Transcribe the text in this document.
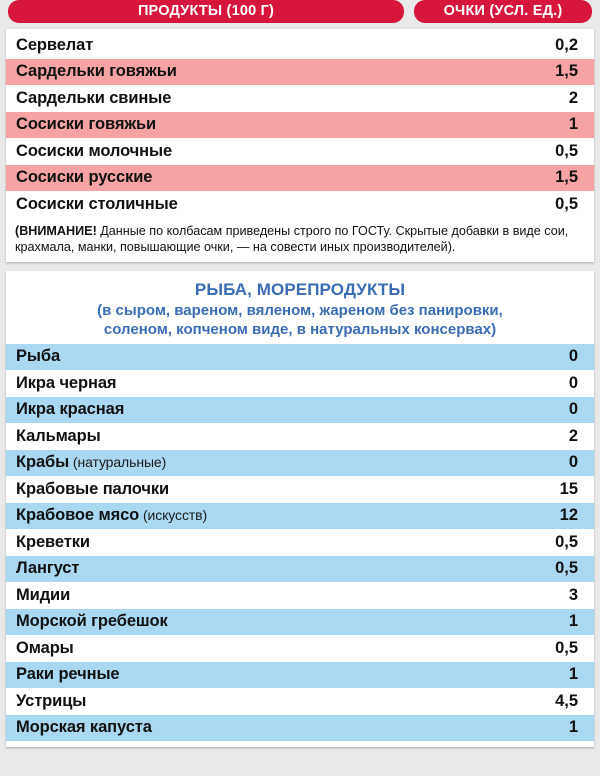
ПРОДУКТЫ (100 Г)	ОЧКИ (УСЛ. ЕД.)
Сервелат	0,2
Сардельки говяжьи	1,5
Сардельки свиные	2
Сосиски говяжьи	1
Сосиски молочные	0,5
Сосиски русские	1,5
Сосиски столичные	0,5
(ВНИМАНИЕ! Данные по колбасам приведены строго по ГОСТу. Скрытые добавки в виде сои, крахмала, манки, повышающие очки, — на совести иных производителей).
РЫБА, МОРЕПРОДУКТЫ
(в сыром, вареном, вяленом, жареном без панировки,
соленом, копченом виде, в натуральных консервах)
Рыба	0
Икра черная	0
Икра красная	0
Кальмары	2
Крабы (натуральные)	0
Крабовые палочки	15
Крабовое мясо (искусств)	12
Креветки	0,5
Лангуст	0,5
Мидии	3
Морской гребешок	1
Омары	0,5
Раки речные	1
Устрицы	4,5
Морская капуста	1
